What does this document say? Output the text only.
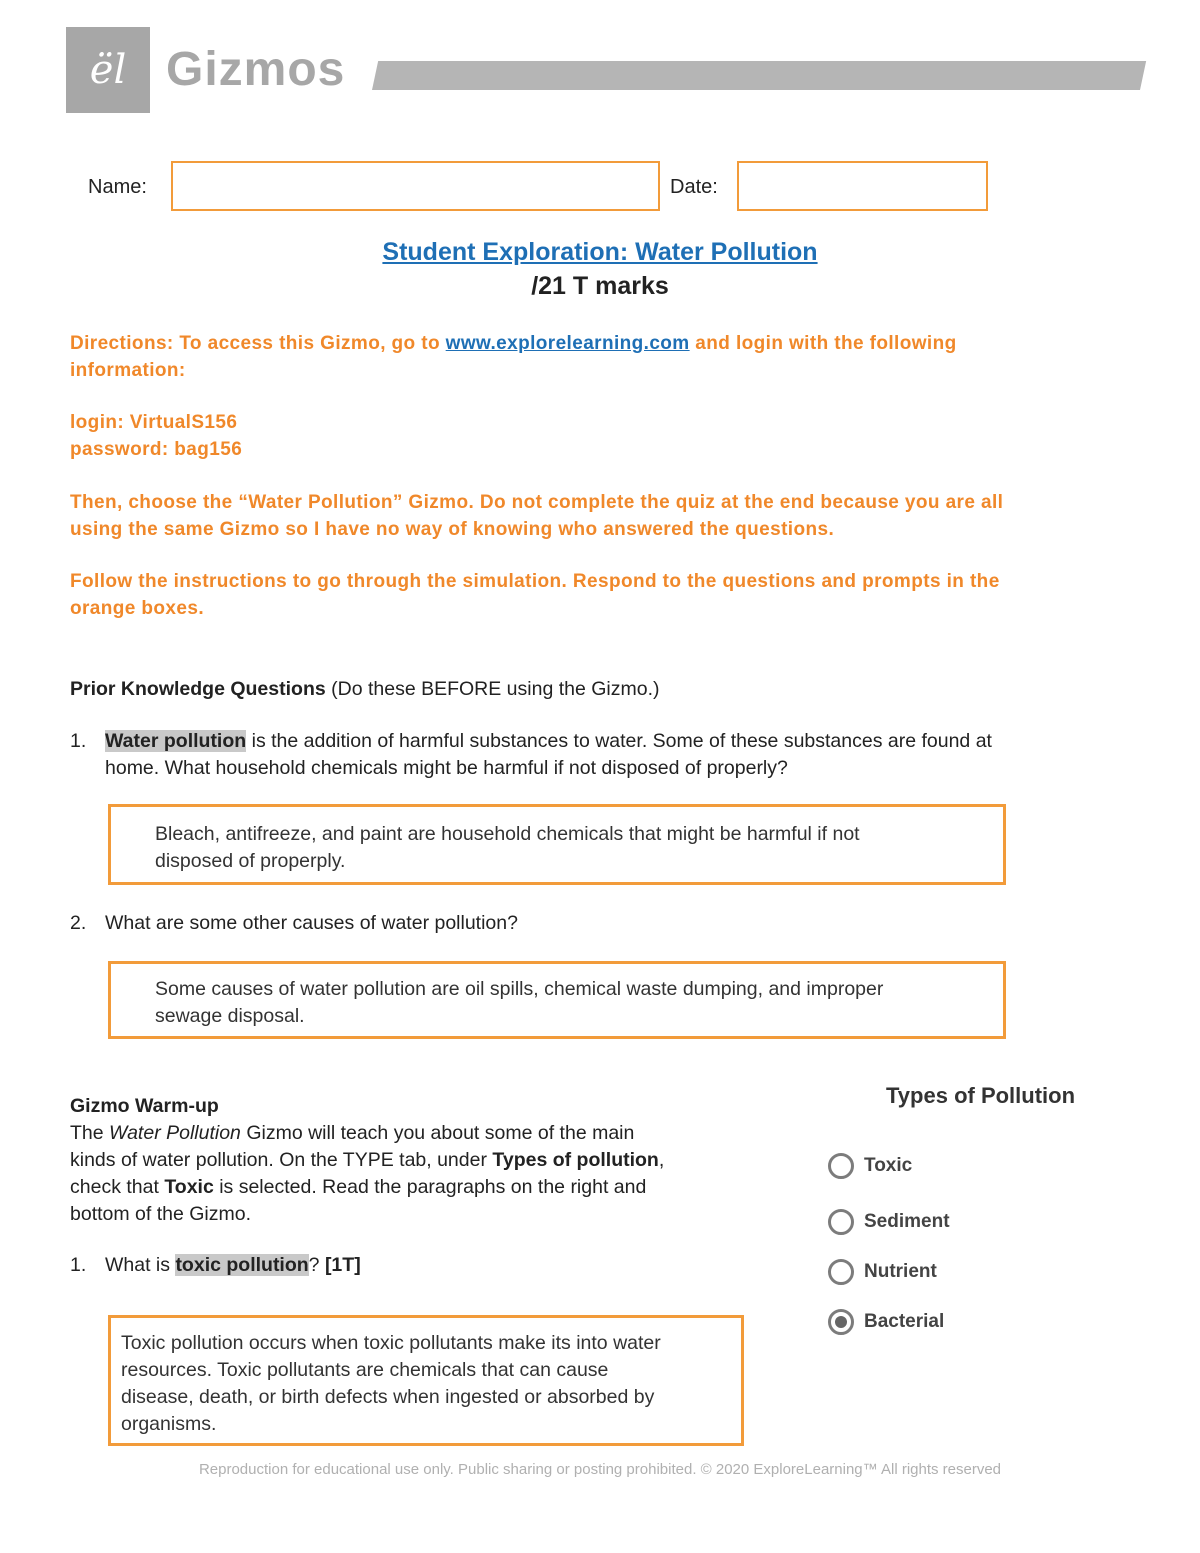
ël Gizmos
Name:	Date:
Student Exploration: Water Pollution
/21 T marks
Directions: To access this Gizmo, go to www.explorelearning.com and login with the following
information:
login: VirtualS156
password: bag156
Then, choose the “Water Pollution” Gizmo. Do not complete the quiz at the end because you are all
using the same Gizmo so I have no way of knowing who answered the questions.
Follow the instructions to go through the simulation. Respond to the questions and prompts in the
orange boxes.
Prior Knowledge Questions (Do these BEFORE using the Gizmo.)
1. Water pollution is the addition of harmful substances to water. Some of these substances are found at
home. What household chemicals might be harmful if not disposed of properly?
Bleach, antifreeze, and paint are household chemicals that might be harmful if not
disposed of properply.
2. What are some other causes of water pollution?
Some causes of water pollution are oil spills, chemical waste dumping, and improper
sewage disposal.
Gizmo Warm-up
The Water Pollution Gizmo will teach you about some of the main
kinds of water pollution. On the TYPE tab, under Types of pollution,
check that Toxic is selected. Read the paragraphs on the right and
bottom of the Gizmo.
1. What is toxic pollution? [1T]
Toxic pollution occurs when toxic pollutants make its into water
resources. Toxic pollutants are chemicals that can cause
disease, death, or birth defects when ingested or absorbed by
organisms.
Types of Pollution
Toxic
Sediment
Nutrient
Bacterial
Reproduction for educational use only. Public sharing or posting prohibited. © 2020 ExploreLearning™ All rights reserved
